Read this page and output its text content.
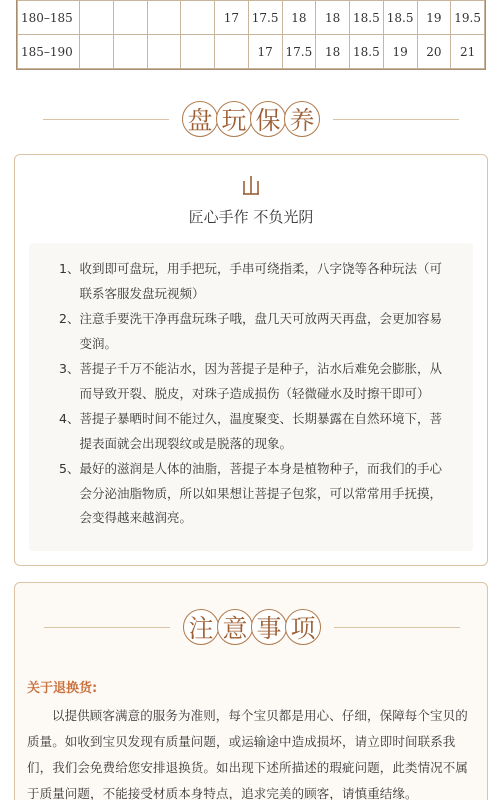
180–185					17	17.5	18	18	18.5	18.5	19	19.5
185–190						17	17.5	18	18.5	19	20	21
盘 玩 保 养
匠心手作 不负光阴
1、 收到即可盘玩，用手把玩，手串可绕指柔，八字饶等各种玩法（可联系客服发盘玩视频）
2、 注意手要洗干净再盘玩珠子哦，盘几天可放两天再盘，会更加容易变润。
3、 菩提子千万不能沾水，因为菩提子是种子，沾水后难免会膨胀，从而导致开裂、脱皮，对珠子造成损伤（轻微碰水及时擦干即可）
4、 菩提子暴晒时间不能过久，温度聚变、长期暴露在自然环境下，菩提表面就会出现裂纹或是脱落的现象。
5、 最好的滋润是人体的油脂，菩提子本身是植物种子，而我们的手心会分泌油脂物质，所以如果想让菩提子包浆，可以常常用手抚摸，会变得越来越润亮。
注 意 事 项
关于退换货:
以提供顾客满意的服务为准则，每个宝贝都是用心、仔细，保障每个宝贝的质量。如收到宝贝发现有质量问题，或运输途中造成损坏，请立即时间联系我们，我们会免费给您安排退换货。如出现下述所描述的瑕疵问题，此类情况不属于质量问题，不能接受材质本身特点，追求完美的顾客，请慎重结缘。
